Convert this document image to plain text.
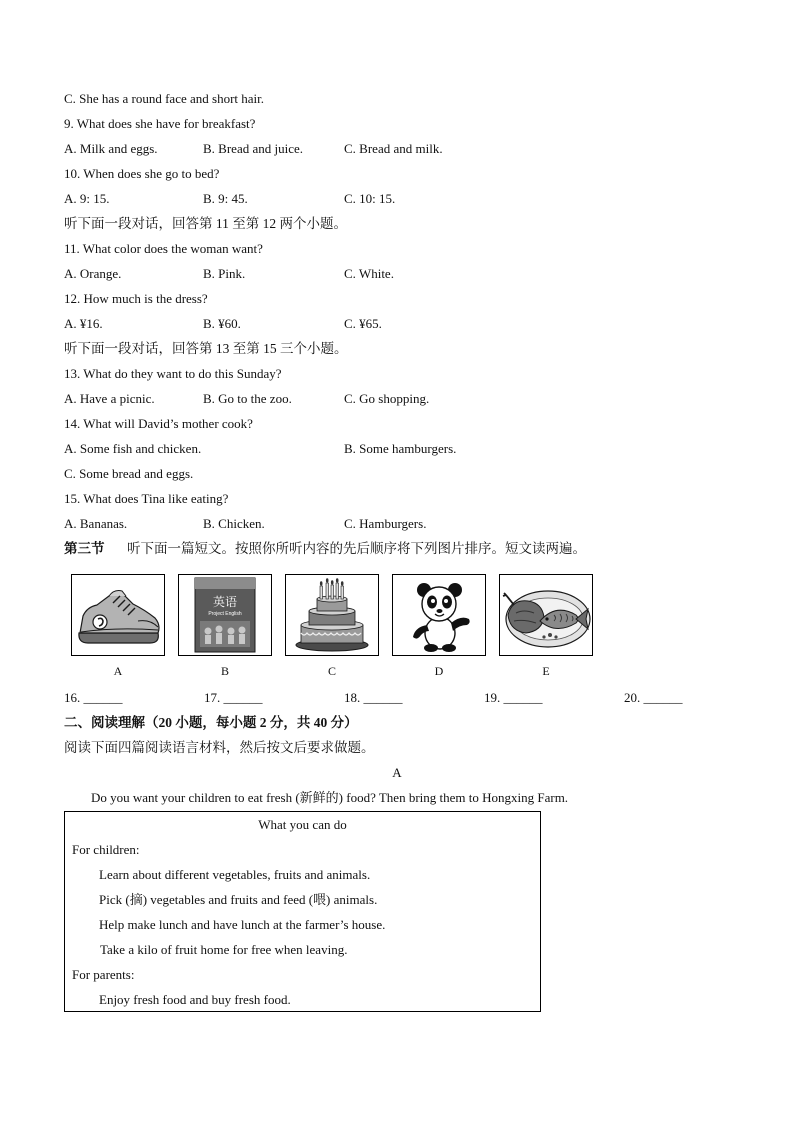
C. She has a round face and short hair.
9. What does she have for breakfast?
A. Milk and eggs.	B. Bread and juice.	C. Bread and milk.
10. When does she go to bed?
A. 9: 15.	B. 9: 45.	C. 10: 15.
听下面一段对话，回答第 11 至第 12 两个小题。
11. What color does the woman want?
A. Orange.	B. Pink.	C. White.
12. How much is the dress?
A. ¥16.	B. ¥60.	C. ¥65.
听下面一段对话，回答第 13 至第 15 三个小题。
13. What do they want to do this Sunday?
A. Have a picnic.	B. Go to the zoo.	C. Go shopping.
14. What will David’s mother cook?
A. Some fish and chicken.	B. Some hamburgers.
C. Some bread and eggs.
15. What does Tina like eating?
A. Bananas.	B. Chicken.	C. Hamburgers.
第三节 听下面一篇短文。按照你所听内容的先后顺序将下列图片排序。短文读两遍。
英语
Project English
A	B	C	D	E
16. ______	17. ______	18. ______	19. ______	20. ______
二、阅读理解（20 小题，每小题 2 分，共 40 分）
阅读下面四篇阅读语言材料，然后按文后要求做题。
A
Do you want your children to eat fresh (新鲜的) food? Then bring them to Hongxing Farm.
What you can do
For children:
Learn about different vegetables, fruits and animals.
Pick (摘) vegetables and fruits and feed (喂) animals.
Help make lunch and have lunch at the farmer’s house.
Take a kilo of fruit home for free when leaving.
For parents:
Enjoy fresh food and buy fresh food.
